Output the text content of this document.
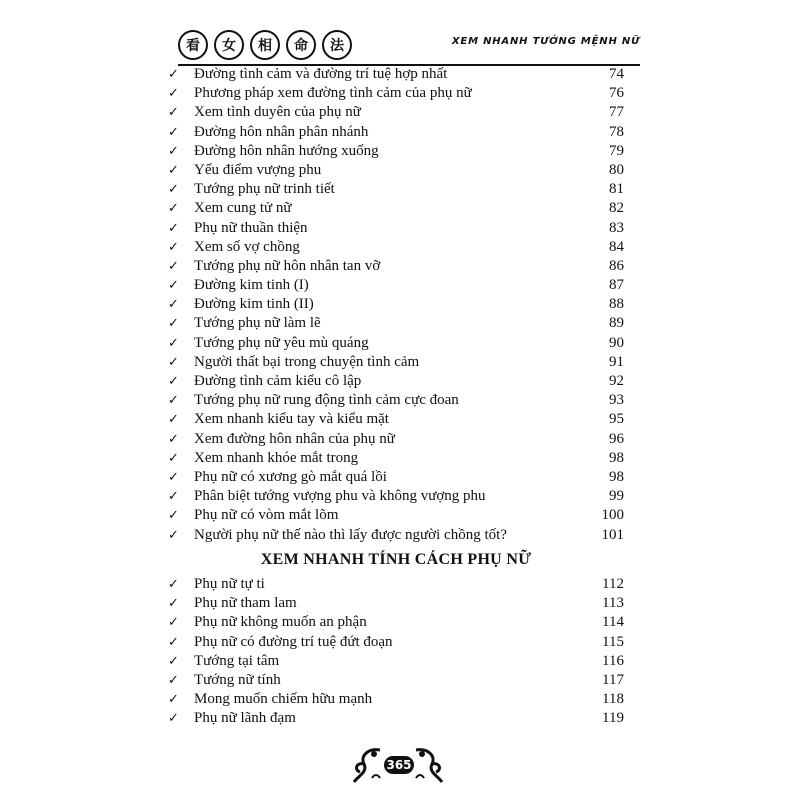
看	女	相	命	法	XEM NHANH TƯỚNG MỆNH NỮ
✓	Đường tình cảm và đường trí tuệ hợp nhất	74
✓	Phương pháp xem đường tình cảm của phụ nữ	76
✓	Xem tình duyên của phụ nữ	77
✓	Đường hôn nhân phân nhánh	78
✓	Đường hôn nhân hướng xuống	79
✓	Yếu điểm vượng phu	80
✓	Tướng phụ nữ trinh tiết	81
✓	Xem cung tử nữ	82
✓	Phụ nữ thuần thiện	83
✓	Xem số vợ chồng	84
✓	Tướng phụ nữ hôn nhân tan vỡ	86
✓	Đường kim tinh (I)	87
✓	Đường kim tinh (II)	88
✓	Tướng phụ nữ làm lẽ	89
✓	Tướng phụ nữ yêu mù quáng	90
✓	Người thất bại trong chuyện tình cảm	91
✓	Đường tình cảm kiểu cô lập	92
✓	Tướng phụ nữ rung động tình cảm cực đoan	93
✓	Xem nhanh kiểu tay và kiểu mặt	95
✓	Xem đường hôn nhân của phụ nữ	96
✓	Xem nhanh khóe mắt trong	98
✓	Phụ nữ có xương gò mắt quá lồi	98
✓	Phân biệt tướng vượng phu và không vượng phu	99
✓	Phụ nữ có vòm mắt lõm	100
✓	Người phụ nữ thế nào thì lấy được người chồng tốt?	101
XEM NHANH TÍNH CÁCH PHỤ NỮ
✓	Phụ nữ tự ti	112
✓	Phụ nữ tham lam	113
✓	Phụ nữ không muốn an phận	114
✓	Phụ nữ có đường trí tuệ đứt đoạn	115
✓	Tướng tại tâm	116
✓	Tướng nữ tính	117
✓	Mong muốn chiếm hữu mạnh	118
✓	Phụ nữ lãnh đạm	119
365
